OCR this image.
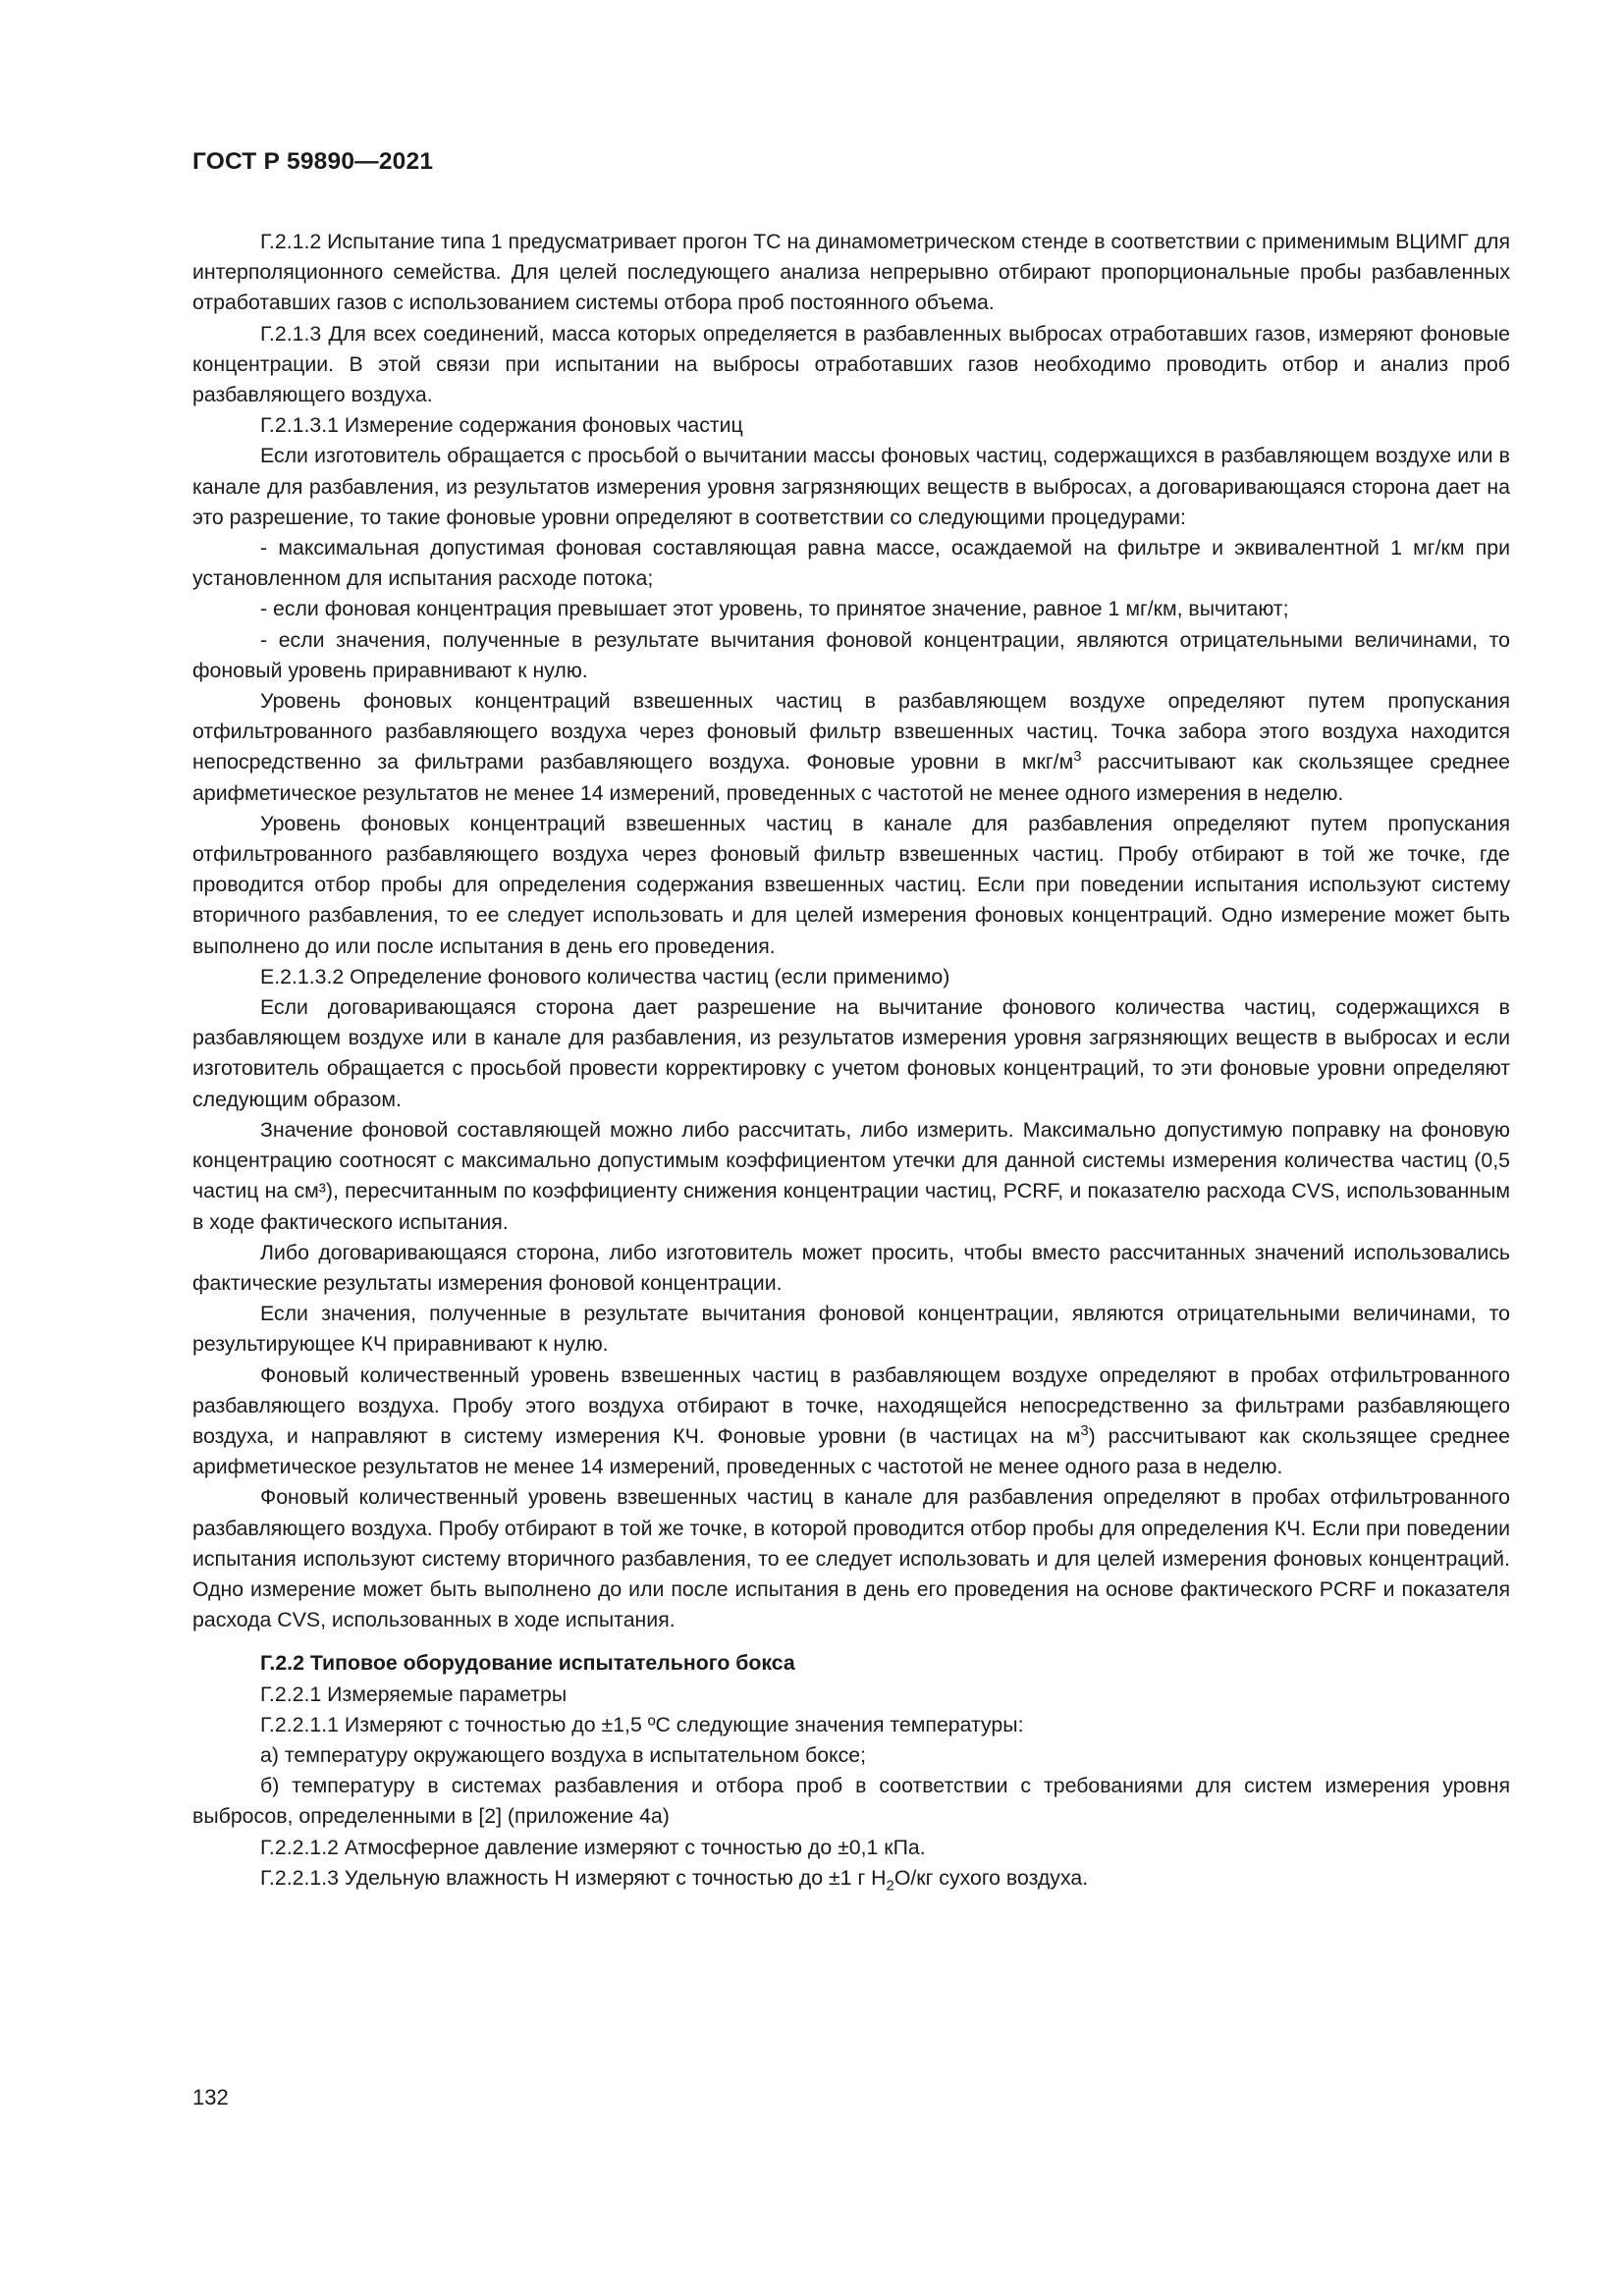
ГОСТ Р 59890—2021

Г.2.1.2 Испытание типа 1 предусматривает прогон ТС на динамометрическом стенде в соответствии с применимым ВЦИМГ для интерполяционного семейства. Для целей последующего анализа непрерывно отбирают пропорциональные пробы разбавленных отработавших газов с использованием системы отбора проб постоянного объема.

Г.2.1.3 Для всех соединений, масса которых определяется в разбавленных выбросах отработавших газов, измеряют фоновые концентрации. В этой связи при испытании на выбросы отработавших газов необходимо проводить отбор и анализ проб разбавляющего воздуха.

Г.2.1.3.1 Измерение содержания фоновых частиц

Если изготовитель обращается с просьбой о вычитании массы фоновых частиц, содержащихся в разбавляющем воздухе или в канале для разбавления, из результатов измерения уровня загрязняющих веществ в выбросах, а договаривающаяся сторона дает на это разрешение, то такие фоновые уровни определяют в соответствии со следующими процедурами:

- максимальная допустимая фоновая составляющая равна массе, осаждаемой на фильтре и эквивалентной 1 мг/км при установленном для испытания расходе потока;

- если фоновая концентрация превышает этот уровень, то принятое значение, равное 1 мг/км, вычитают;

- если значения, полученные в результате вычитания фоновой концентрации, являются отрицательными величинами, то фоновый уровень приравнивают к нулю.

Уровень фоновых концентраций взвешенных частиц в разбавляющем воздухе определяют путем пропускания отфильтрованного разбавляющего воздуха через фоновый фильтр взвешенных частиц. Точка забора этого воздуха находится непосредственно за фильтрами разбавляющего воздуха. Фоновые уровни в мкг/$м^3$ рассчитывают как скользящее среднее арифметическое результатов не менее 14 измерений, проведенных с частотой не менее одного измерения в неделю.

Уровень фоновых концентраций взвешенных частиц в канале для разбавления определяют путем пропускания отфильтрованного разбавляющего воздуха через фоновый фильтр взвешенных частиц. Пробу отбирают в той же точке, где проводится отбор пробы для определения содержания взвешенных частиц. Если при поведении испытания используют систему вторичного разбавления, то ее следует использовать и для целей измерения фоновых концентраций. Одно измерение может быть выполнено до или после испытания в день его проведения.

Е.2.1.3.2 Определение фонового количества частиц (если применимо)

Если договаривающаяся сторона дает разрешение на вычитание фонового количества частиц, содержащихся в разбавляющем воздухе или в канале для разбавления, из результатов измерения уровня загрязняющих веществ в выбросах и если изготовитель обращается с просьбой провести корректировку с учетом фоновых концентраций, то эти фоновые уровни определяют следующим образом.

Значение фоновой составляющей можно либо рассчитать, либо измерить. Максимально допустимую поправку на фоновую концентрацию соотносят с максимально допустимым коэффициентом утечки для данной системы измерения количества частиц (0,5 частиц на см³), пересчитанным по коэффициенту снижения концентрации частиц, PCRF, и показателю расхода CVS, использованным в ходе фактического испытания.

Либо договаривающаяся сторона, либо изготовитель может просить, чтобы вместо рассчитанных значений использовались фактические результаты измерения фоновой концентрации.

Если значения, полученные в результате вычитания фоновой концентрации, являются отрицательными величинами, то результирующее КЧ приравнивают к нулю.

Фоновый количественный уровень взвешенных частиц в разбавляющем воздухе определяют в пробах отфильтрованного разбавляющего воздуха. Пробу этого воздуха отбирают в точке, находящейся непосредственно за фильтрами разбавляющего воздуха, и направляют в систему измерения КЧ. Фоновые уровни (в частицах на $м^3$) рассчитывают как скользящее среднее арифметическое результатов не менее 14 измерений, проведенных с частотой не менее одного раза в неделю.

Фоновый количественный уровень взвешенных частиц в канале для разбавления определяют в пробах отфильтрованного разбавляющего воздуха. Пробу отбирают в той же точке, в которой проводится отбор пробы для определения КЧ. Если при поведении испытания используют систему вторичного разбавления, то ее следует использовать и для целей измерения фоновых концентраций. Одно измерение может быть выполнено до или после испытания в день его проведения на основе фактического PCRF и показателя расхода CVS, использованных в ходе испытания.

Г.2.2 Типовое оборудование испытательного бокса

Г.2.2.1 Измеряемые параметры

Г.2.2.1.1 Измеряют с точностью до ±1,5 ºС следующие значения температуры:

а) температуру окружающего воздуха в испытательном боксе;

б) температуру в системах разбавления и отбора проб в соответствии с требованиями для систем измерения уровня выбросов, определенными в [2] (приложение 4а)

Г.2.2.1.2 Атмосферное давление измеряют с точностью до ±0,1 кПа.

Г.2.2.1.3 Удельную влажность Н измеряют с точностью до ±1 г $Н_2О/кг$ сухого воздуха.

132
